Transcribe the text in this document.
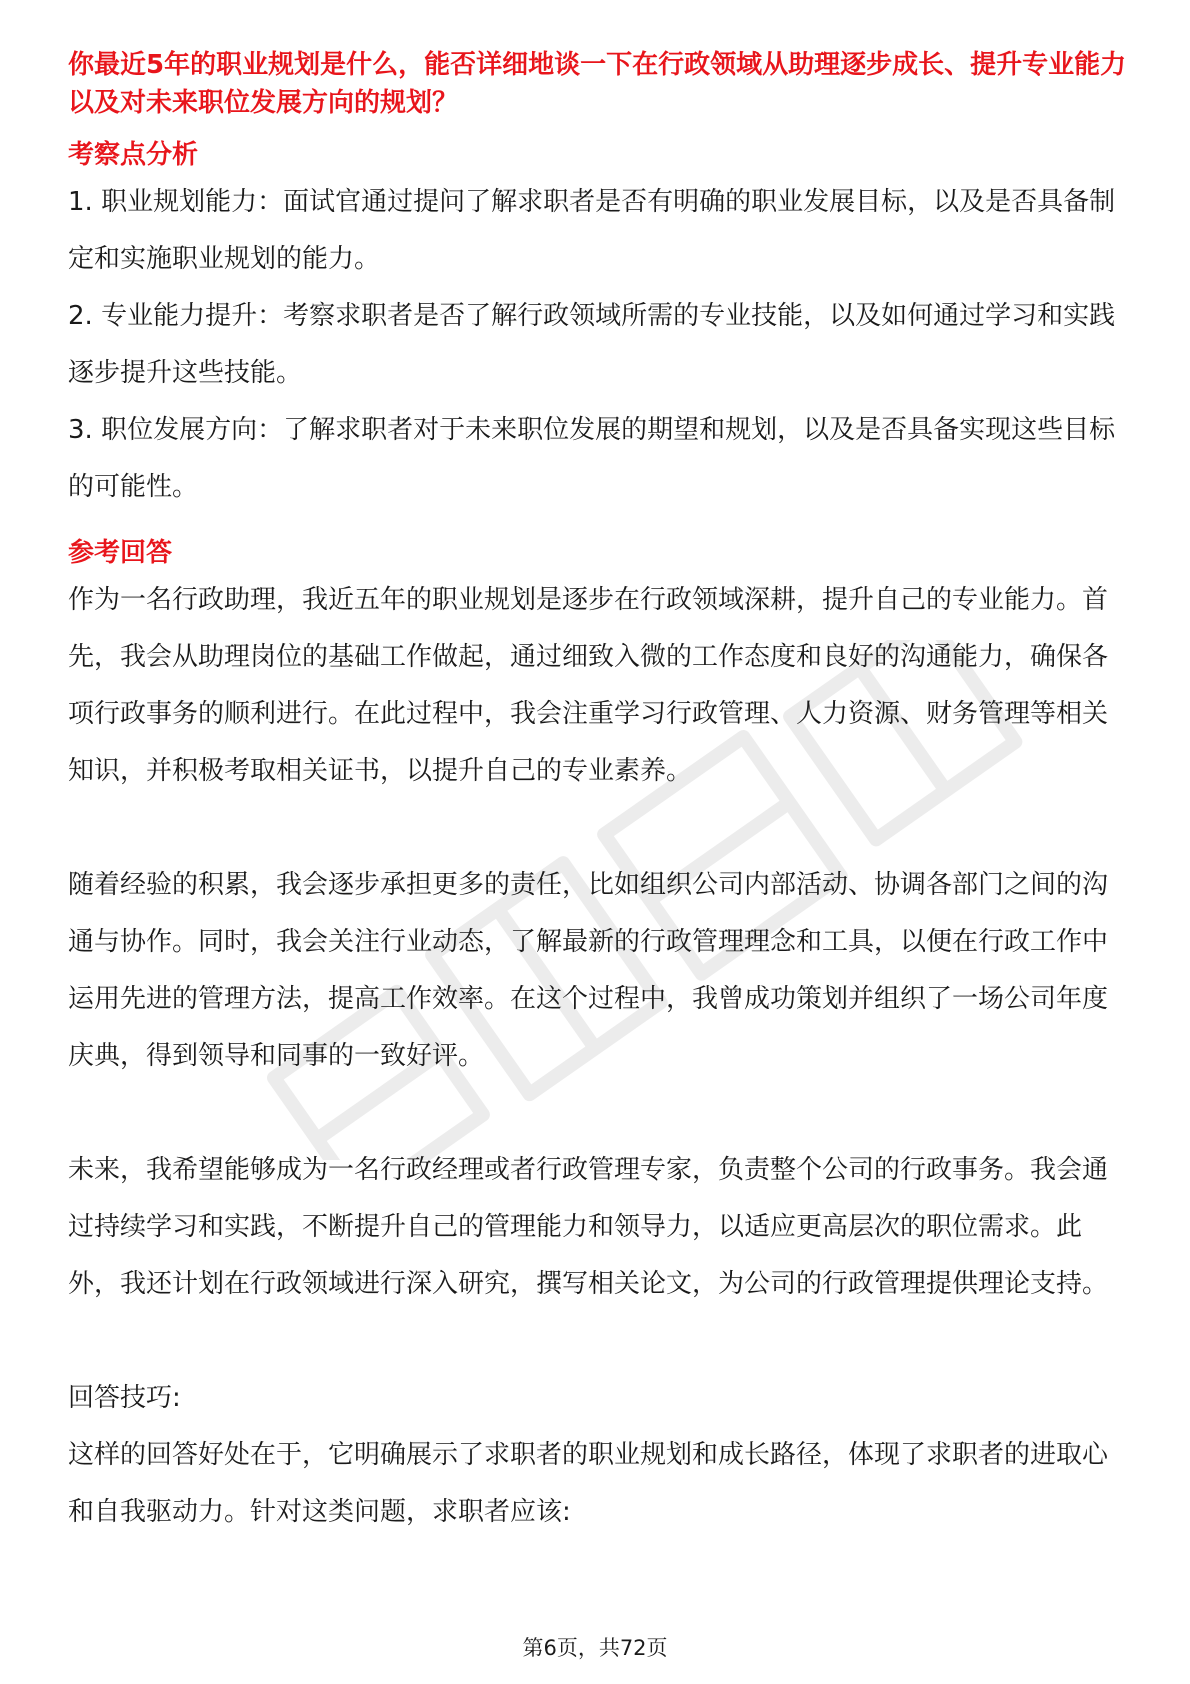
你最近5年的职业规划是什么，能否详细地谈一下在行政领域从助理逐步成长、提升专业能力以及对未来职位发展方向的规划？

考察点分析

1. 职业规划能力：面试官通过提问了解求职者是否有明确的职业发展目标，以及是否具备制定和实施职业规划的能力。

2. 专业能力提升：考察求职者是否了解行政领域所需的专业技能，以及如何通过学习和实践逐步提升这些技能。

3. 职位发展方向：了解求职者对于未来职位发展的期望和规划，以及是否具备实现这些目标的可能性。

参考回答

作为一名行政助理，我近五年的职业规划是逐步在行政领域深耕，提升自己的专业能力。首先，我会从助理岗位的基础工作做起，通过细致入微的工作态度和良好的沟通能力，确保各项行政事务的顺利进行。在此过程中，我会注重学习行政管理、人力资源、财务管理等相关知识，并积极考取相关证书，以提升自己的专业素养。

随着经验的积累，我会逐步承担更多的责任，比如组织公司内部活动、协调各部门之间的沟通与协作。同时，我会关注行业动态，了解最新的行政管理理念和工具，以便在行政工作中运用先进的管理方法，提高工作效率。在这个过程中，我曾成功策划并组织了一场公司年度庆典，得到领导和同事的一致好评。

未来，我希望能够成为一名行政经理或者行政管理专家，负责整个公司的行政事务。我会通过持续学习和实践，不断提升自己的管理能力和领导力，以适应更高层次的职位需求。此外，我还计划在行政领域进行深入研究，撰写相关论文，为公司的行政管理提供理论支持。

回答技巧:

这样的回答好处在于，它明确展示了求职者的职业规划和成长路径，体现了求职者的进取心和自我驱动力。针对这类问题，求职者应该:

第6页，共72页
